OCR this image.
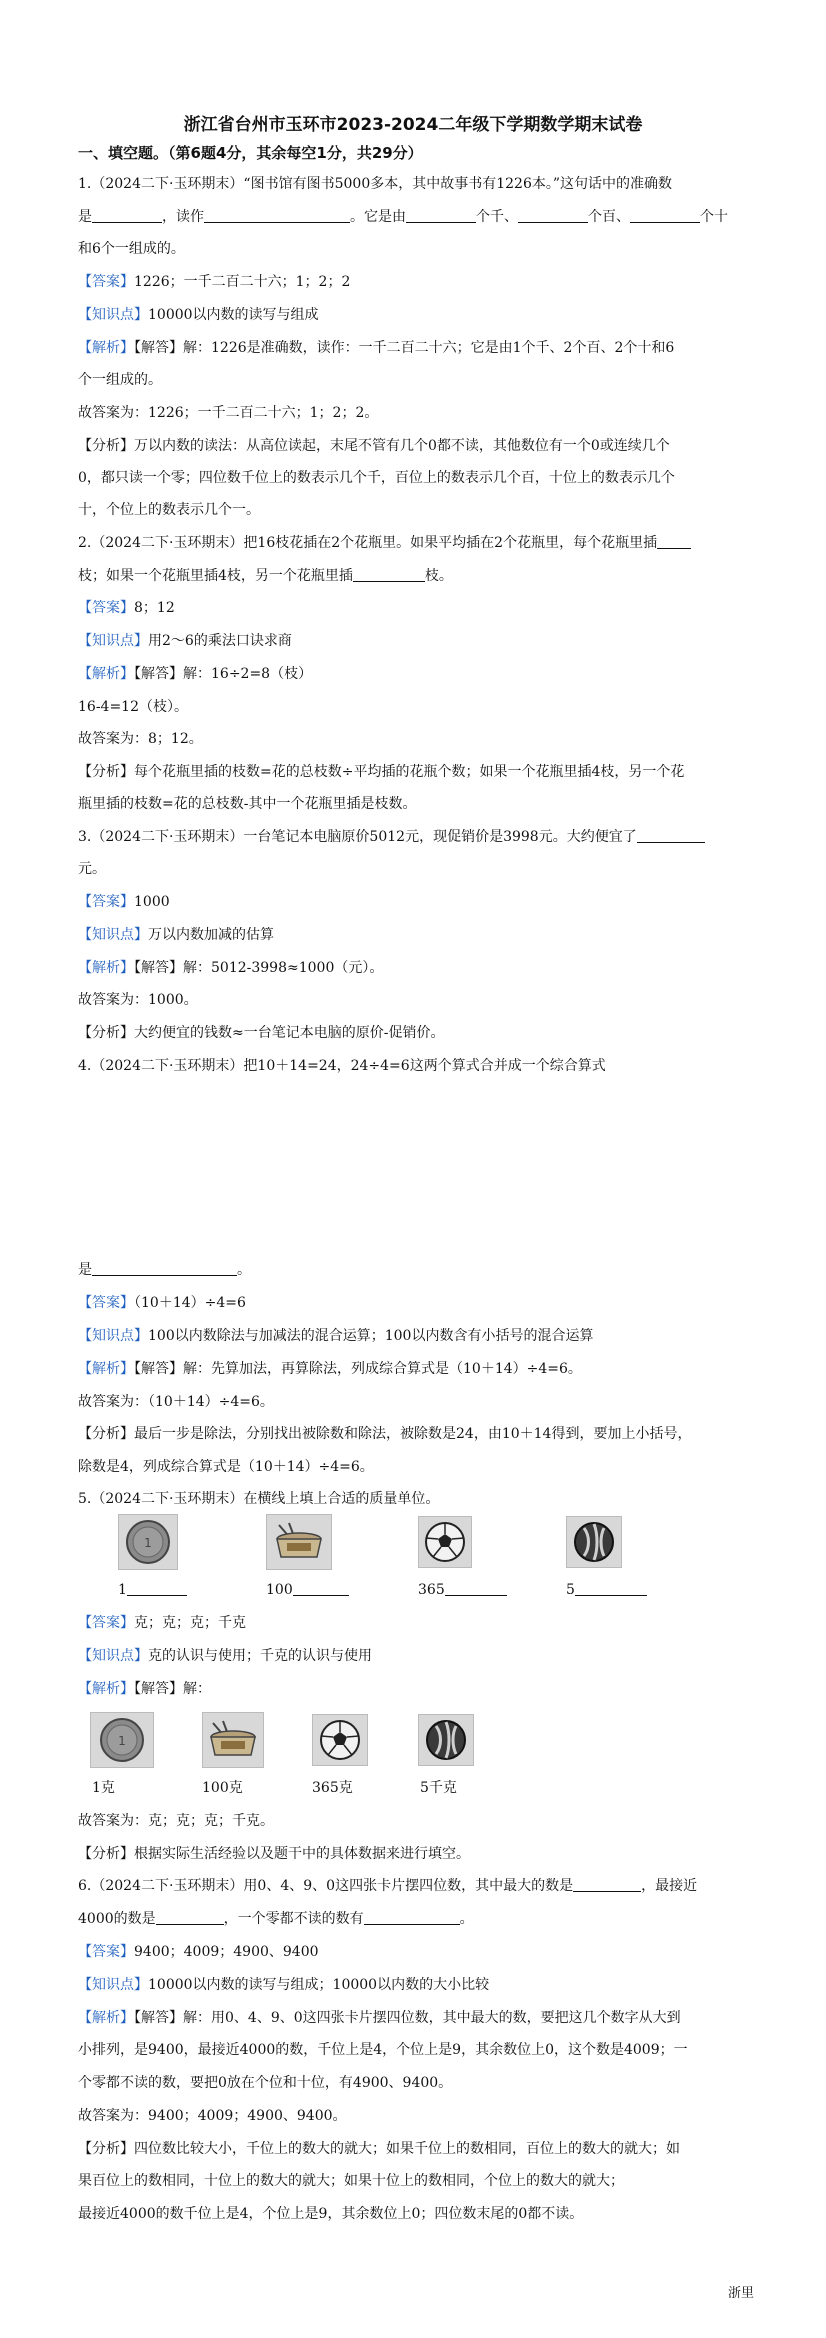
浙江省台州市玉环市2023-2024二年级下学期数学期末试卷
一、填空题。（第6题4分，其余每空1分，共29分）
1.（2024二下·玉环期末）“图书馆有图书5000多本，其中故事书有1226本。”这句话中的准确数
是	，读作	。它是由	个千、	个百、	个十
和6个一组成的。
【答案】1226；一千二百二十六；1；2；2
【知识点】10000以内数的读写与组成
【解析】【解答】解：1226是准确数，读作：一千二百二十六；它是由1个千、2个百、2个十和6
个一组成的。
故答案为：1226；一千二百二十六；1；2；2。
【分析】万以内数的读法：从高位读起，末尾不管有几个0都不读，其他数位有一个0或连续几个
0，都只读一个零；四位数千位上的数表示几个千，百位上的数表示几个百，十位上的数表示几个
十，个位上的数表示几个一。
2.（2024二下·玉环期末）把16枝花插在2个花瓶里。如果平均插在2个花瓶里，每个花瓶里插
枝；如果一个花瓶里插4枝，另一个花瓶里插	枝。
【答案】8；12
【知识点】用2～6的乘法口诀求商
【解析】【解答】解：16÷2=8（枝）
16-4=12（枝）。
故答案为：8；12。
【分析】每个花瓶里插的枝数=花的总枝数÷平均插的花瓶个数；如果一个花瓶里插4枝，另一个花
瓶里插的枝数=花的总枝数-其中一个花瓶里插是枝数。
3.（2024二下·玉环期末）一台笔记本电脑原价5012元，现促销价是3998元。大约便宜了
元。
【答案】1000
【知识点】万以内数加减的估算
【解析】【解答】解：5012-3998≈1000（元）。
故答案为：1000。
【分析】大约便宜的钱数≈一台笔记本电脑的原价-促销价。
4.（2024二下·玉环期末）把10＋14=24，24÷4=6这两个算式合并成一个综合算式
是	。
【答案】（10＋14）÷4=6
【知识点】100以内数除法与加减法的混合运算；100以内数含有小括号的混合运算
【解析】【解答】解：先算加法，再算除法，列成综合算式是（10＋14）÷4=6。
故答案为：（10＋14）÷4=6。
【分析】最后一步是除法，分别找出被除数和除法，被除数是24，由10＋14得到，要加上小括号，
除数是4，列成综合算式是（10＋14）÷4=6。
5.（2024二下·玉环期末）在横线上填上合适的质量单位。
1
1	100	365	5
【答案】克；克；克；千克
【知识点】克的认识与使用；千克的认识与使用
【解析】【解答】解：
1
1克	100克	365克	5千克
故答案为：克；克；克；千克。
【分析】根据实际生活经验以及题干中的具体数据来进行填空。
6.（2024二下·玉环期末）用0、4、9、0这四张卡片摆四位数，其中最大的数是	，最接近
4000的数是	，一个零都不读的数有	。
【答案】9400；4009；4900、9400
【知识点】10000以内数的读写与组成；10000以内数的大小比较
【解析】【解答】解：用0、4、9、0这四张卡片摆四位数，其中最大的数，要把这几个数字从大到
小排列，是9400，最接近4000的数，千位上是4，个位上是9，其余数位上0，这个数是4009；一
个零都不读的数，要把0放在个位和十位，有4900、9400。
故答案为：9400；4009；4900、9400。
【分析】四位数比较大小，千位上的数大的就大；如果千位上的数相同，百位上的数大的就大；如
果百位上的数相同，十位上的数大的就大；如果十位上的数相同，个位上的数大的就大；
最接近4000的数千位上是4，个位上是9，其余数位上0；四位数末尾的0都不读。
浙里
